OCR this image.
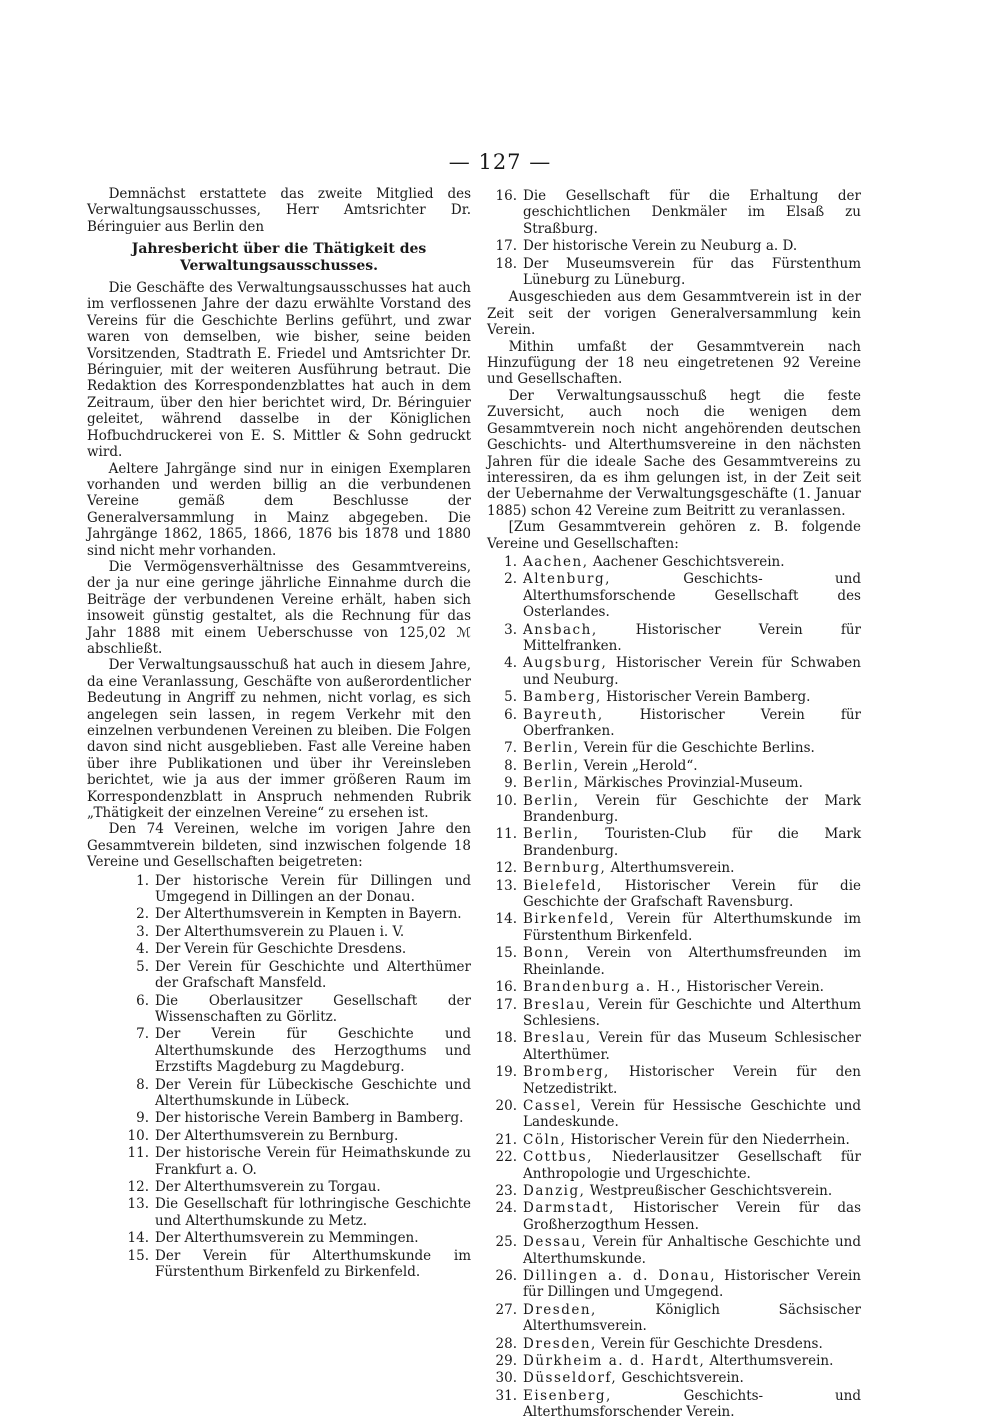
— 127 —

Demnächst erstattete das zweite Mitglied des Verwaltungsausschusses, Herr Amtsrichter Dr. Béringuier aus Berlin den

Jahresbericht über die Thätigkeit des Verwaltungsausschusses.

Die Geschäfte des Verwaltungsausschusses hat auch im verflossenen Jahre der dazu erwählte Vorstand des Vereins für die Geschichte Berlins geführt, und zwar waren von demselben, wie bisher, seine beiden Vorsitzenden, Stadtrath E. Friedel und Amtsrichter Dr. Béringuier, mit der weiteren Ausführung betraut. Die Redaktion des Korrespondenzblattes hat auch in dem Zeitraum, über den hier berichtet wird, Dr. Béringuier geleitet, während dasselbe in der Königlichen Hofbuchdruckerei von E. S. Mittler & Sohn gedruckt wird.

Aeltere Jahrgänge sind nur in einigen Exemplaren vorhanden und werden billig an die verbundenen Vereine gemäß dem Beschlusse der Generalversammlung in Mainz abgegeben. Die Jahrgänge 1862, 1865, 1866, 1876 bis 1878 und 1880 sind nicht mehr vorhanden.

Die Vermögensverhältnisse des Gesammtvereins, der ja nur eine geringe jährliche Einnahme durch die Beiträge der verbundenen Vereine erhält, haben sich insoweit günstig gestaltet, als die Rechnung für das Jahr 1888 mit einem Ueberschusse von 125,02 ℳ abschließt.

Der Verwaltungsausschuß hat auch in diesem Jahre, da eine Veranlassung, Geschäfte von außerordentlicher Bedeutung in Angriff zu nehmen, nicht vorlag, es sich angelegen sein lassen, in regem Verkehr mit den einzelnen verbundenen Vereinen zu bleiben. Die Folgen davon sind nicht ausgeblieben. Fast alle Vereine haben über ihre Publikationen und über ihr Vereinsleben berichtet, wie ja aus der immer größeren Raum im Korrespondenzblatt in Anspruch nehmenden Rubrik „Thätigkeit der einzelnen Vereine“ zu ersehen ist.

Den 74 Vereinen, welche im vorigen Jahre den Gesammtverein bildeten, sind inzwischen folgende 18 Vereine und Gesellschaften beigetreten:

1. Der historische Verein für Dillingen und Umgegend in Dillingen an der Donau.
2. Der Alterthumsverein in Kempten in Bayern.
3. Der Alterthumsverein zu Plauen i. V.
4. Der Verein für Geschichte Dresdens.
5. Der Verein für Geschichte und Alterthümer der Grafschaft Mansfeld.
6. Die Oberlausitzer Gesellschaft der Wissenschaften zu Görlitz.
7. Der Verein für Geschichte und Alterthumskunde des Herzogthums und Erzstifts Magdeburg zu Magdeburg.
8. Der Verein für Lübeckische Geschichte und Alterthumskunde in Lübeck.
9. Der historische Verein Bamberg in Bamberg.
10. Der Alterthumsverein zu Bernburg.
11. Der historische Verein für Heimathskunde zu Frankfurt a. O.
12. Der Alterthumsverein zu Torgau.
13. Die Gesellschaft für lothringische Geschichte und Alterthumskunde zu Metz.
14. Der Alterthumsverein zu Memmingen.
15. Der Verein für Alterthumskunde im Fürstenthum Birkenfeld zu Birkenfeld.
16. Die Gesellschaft für die Erhaltung der geschichtlichen Denkmäler im Elsaß zu Straßburg.
17. Der historische Verein zu Neuburg a. D.
18. Der Museumsverein für das Fürstenthum Lüneburg zu Lüneburg.

Ausgeschieden aus dem Gesammtverein ist in der Zeit seit der vorigen Generalversammlung kein Verein.

Mithin umfaßt der Gesammtverein nach Hinzufügung der 18 neu eingetretenen 92 Vereine und Gesellschaften.

Der Verwaltungsausschuß hegt die feste Zuversicht, auch noch die wenigen dem Gesammtverein noch nicht angehörenden deutschen Geschichts- und Alterthumsvereine in den nächsten Jahren für die ideale Sache des Gesammtvereins zu interessiren, da es ihm gelungen ist, in der Zeit seit der Uebernahme der Verwaltungsgeschäfte (1. Januar 1885) schon 42 Vereine zum Beitritt zu veranlassen.

[Zum Gesammtverein gehören z. B. folgende Vereine und Gesellschaften:

1. Aachen, Aachener Geschichtsverein.
2. Altenburg,	Geschichts- und Alterthumsforschende Gesellschaft des Osterlandes.
3. Ansbach,	Historischer Verein für Mittelfranken.
4. Augsburg, Historischer Verein für Schwaben und Neuburg.
5. Bamberg, Historischer Verein Bamberg.
6. Bayreuth,	Historischer Verein für Oberfranken.
7. Berlin, Verein für die Geschichte Berlins.
8. Berlin, Verein „Herold“.
9. Berlin, Märkisches Provinzial-Museum.
10. Berlin, Verein für Geschichte der Mark Brandenburg.
11. Berlin, Touristen-Club für die Mark Brandenburg.
12. Bernburg, Alterthumsverein.
13. Bielefeld, Historischer Verein für die Geschichte der Grafschaft Ravensburg.
14. Birkenfeld, Verein für Alterthumskunde im Fürstenthum Birkenfeld.
15. Bonn, Verein von Alterthumsfreunden im Rheinlande.
16. Brandenburg a. H., Historischer Verein.
17. Breslau, Verein für Geschichte und Alterthum Schlesiens.
18. Breslau, Verein für das Museum Schlesischer Alterthümer.
19. Bromberg, Historischer Verein für den Netzedistrikt.
20. Cassel, Verein für Hessische Geschichte und Landeskunde.
21. Cöln, Historischer Verein für den Niederrhein.
22. Cottbus, Niederlausitzer Gesellschaft für Anthropologie und Urgeschichte.
23. Danzig, Westpreußischer Geschichtsverein.
24. Darmstadt, Historischer Verein für das Großherzogthum Hessen.
25. Dessau, Verein für Anhaltische Geschichte und Alterthumskunde.
26. Dillingen a. d. Donau, Historischer Verein für Dillingen und Umgegend.
27. Dresden,	Königlich Sächsischer Alterthumsverein.
28. Dresden, Verein für Geschichte Dresdens.
29. Dürkheim a. d. Hardt, Alterthumsverein.
30. Düsseldorf, Geschichtsverein.
31. Eisenberg,	Geschichts- und Alterthumsforschender Verein.
